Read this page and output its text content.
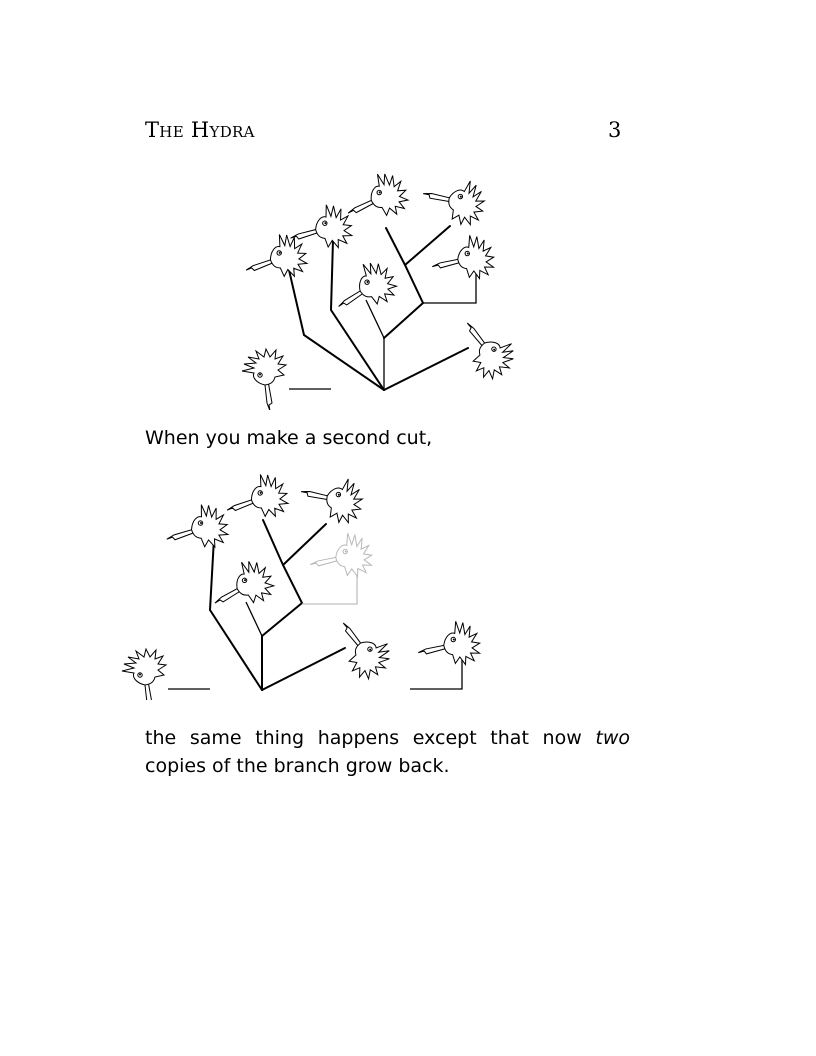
The Hydra	3
When you make a second cut,
the same thing happens except that now two copies of the branch grow back.
